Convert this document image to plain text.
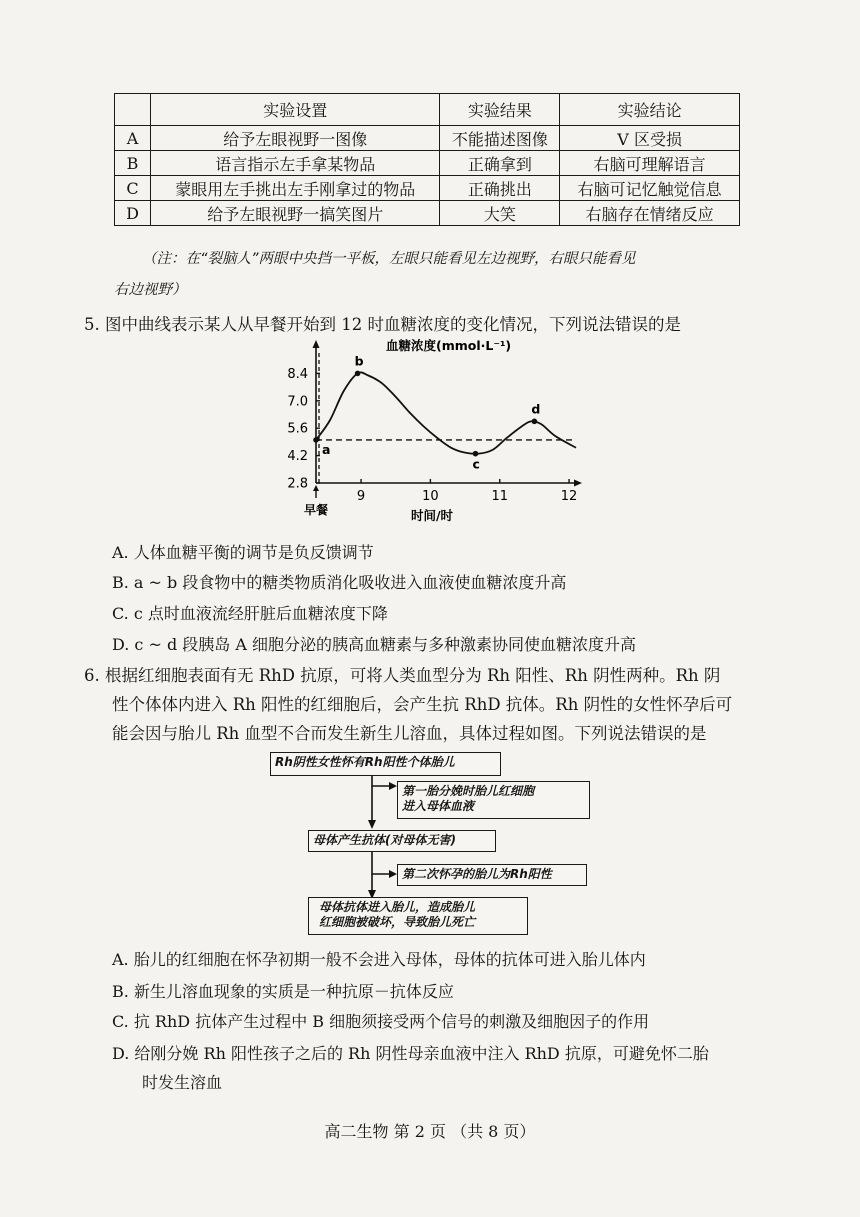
	实验设置	实验结果	实验结论
A	给予左眼视野一图像	不能描述图像	V 区受损
B	语言指示左手拿某物品	正确拿到	右脑可理解语言
C	蒙眼用左手挑出左手刚拿过的物品	正确挑出	右脑可记忆触觉信息
D	给予左眼视野一搞笑图片	大笑	右脑存在情绪反应
（注：在“裂脑人”两眼中央挡一平板，左眼只能看见左边视野，右眼只能看见
右边视野）
5. 图中曲线表示某人从早餐开始到 12 时血糖浓度的变化情况，下列说法错误的是
早餐
血糖浓度(mmol·L⁻¹)
时间/时
2.8
4.2
5.6
7.0
8.4
9	10	11	12
a
b
c
d
A. 人体血糖平衡的调节是负反馈调节
B. a ~ b 段食物中的糖类物质消化吸收进入血液使血糖浓度升高
C. c 点时血液流经肝脏后血糖浓度下降
D. c ~ d 段胰岛 A 细胞分泌的胰高血糖素与多种激素协同使血糖浓度升高
6. 根据红细胞表面有无 RhD 抗原，可将人类血型分为 Rh 阳性、Rh 阴性两种。Rh 阴
性个体体内进入 Rh 阳性的红细胞后，会产生抗 RhD 抗体。Rh 阴性的女性怀孕后可
能会因与胎儿 Rh 血型不合而发生新生儿溶血，具体过程如图。下列说法错误的是
Rh阴性女性怀有Rh阳性个体胎儿
第一胎分娩时胎儿红细胞
进入母体血液
母体产生抗体(对母体无害)
第二次怀孕的胎儿为Rh阳性
母体抗体进入胎儿，造成胎儿
红细胞被破坏，导致胎儿死亡
A. 胎儿的红细胞在怀孕初期一般不会进入母体，母体的抗体可进入胎儿体内
B. 新生儿溶血现象的实质是一种抗原－抗体反应
C. 抗 RhD 抗体产生过程中 B 细胞须接受两个信号的刺激及细胞因子的作用
D. 给刚分娩 Rh 阳性孩子之后的 Rh 阴性母亲血液中注入 RhD 抗原，可避免怀二胎
时发生溶血
高二生物 第 2 页 （共 8 页）
